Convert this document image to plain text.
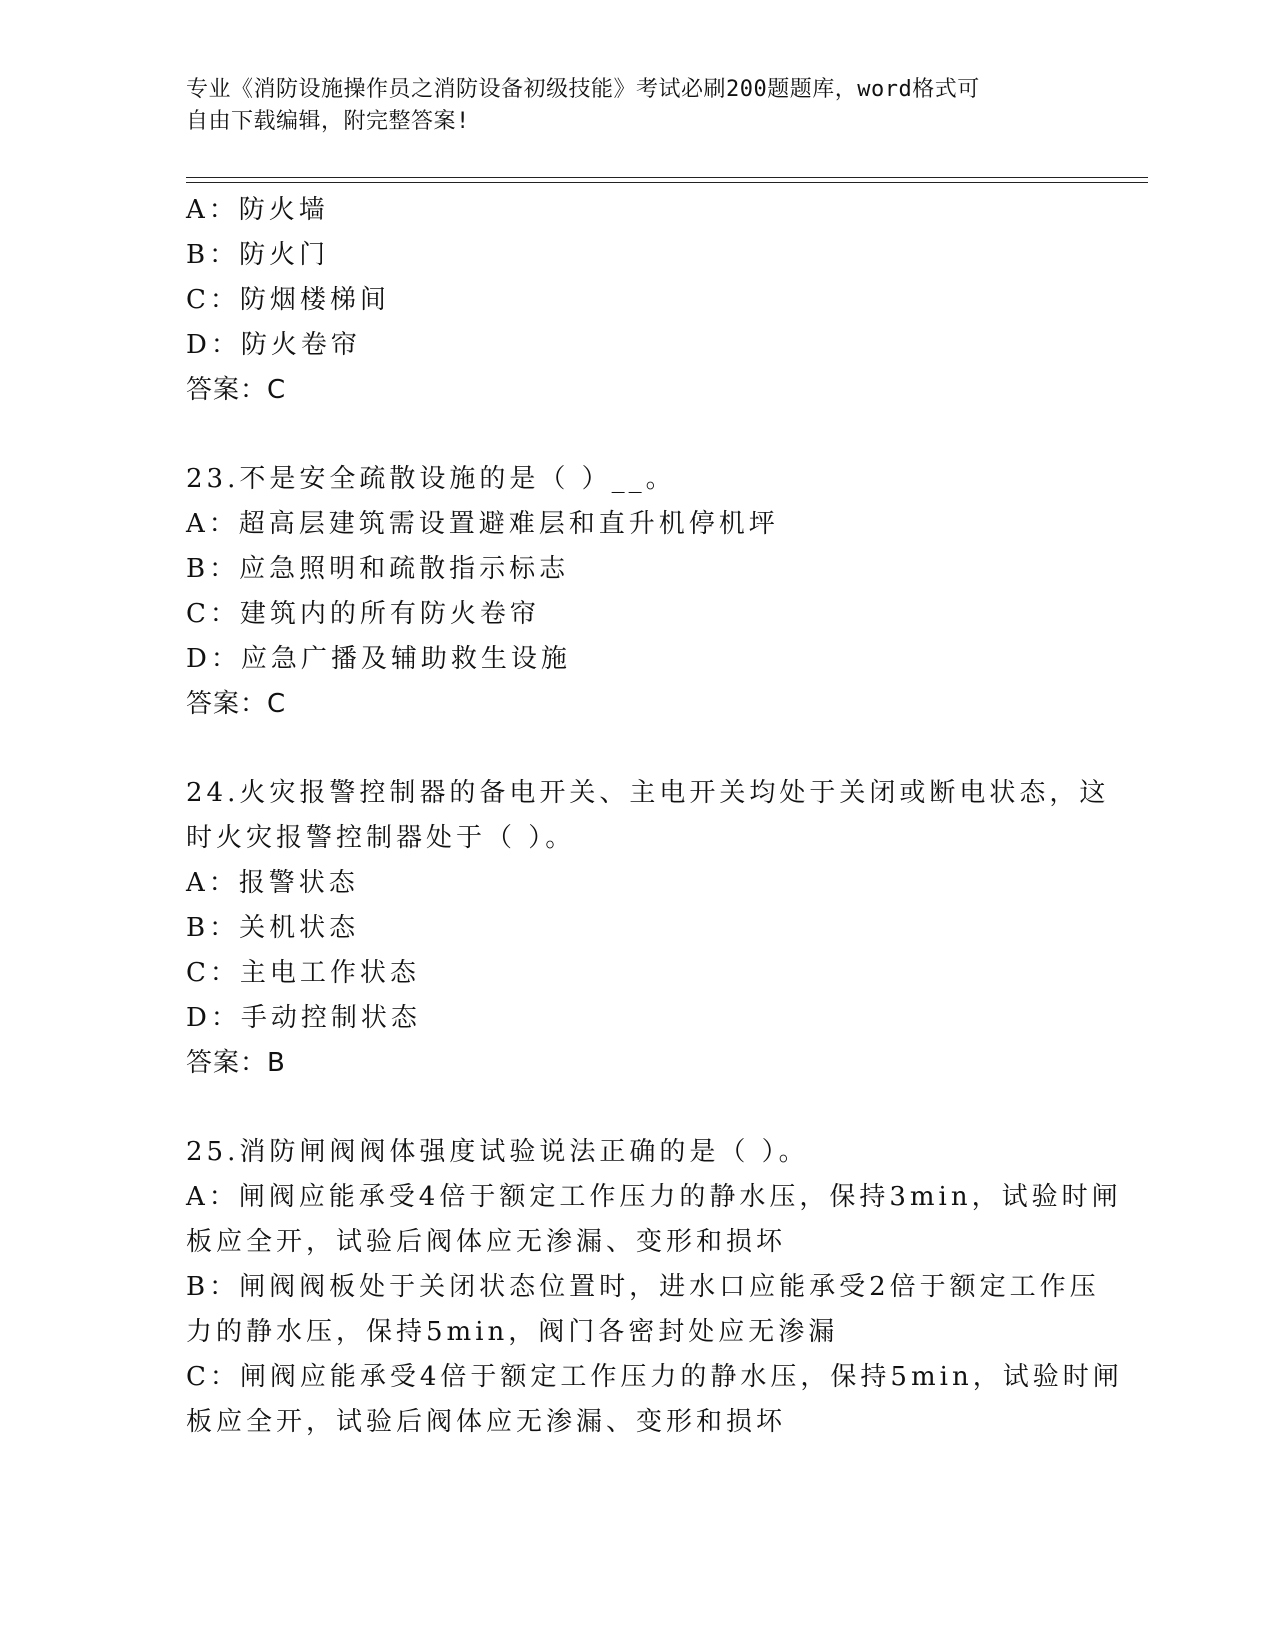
专业《消防设施操作员之消防设备初级技能》考试必刷200题题库，word格式可
自由下载编辑，附完整答案!
A：防火墙
B：防火门
C：防烟楼梯间
D：防火卷帘
答案：C
23.不是安全疏散设施的是（ ）__。
A：超高层建筑需设置避难层和直升机停机坪
B：应急照明和疏散指示标志
C：建筑内的所有防火卷帘
D：应急广播及辅助救生设施
答案：C
24.火灾报警控制器的备电开关、主电开关均处于关闭或断电状态，这
时火灾报警控制器处于（ ）。
A：报警状态
B：关机状态
C：主电工作状态
D：手动控制状态
答案：B
25.消防闸阀阀体强度试验说法正确的是（ ）。
A：闸阀应能承受4倍于额定工作压力的静水压，保持3min，试验时闸
板应全开，试验后阀体应无渗漏、变形和损坏
B：闸阀阀板处于关闭状态位置时，进水口应能承受2倍于额定工作压
力的静水压，保持5min，阀门各密封处应无渗漏
C：闸阀应能承受4倍于额定工作压力的静水压，保持5min，试验时闸
板应全开，试验后阀体应无渗漏、变形和损坏
